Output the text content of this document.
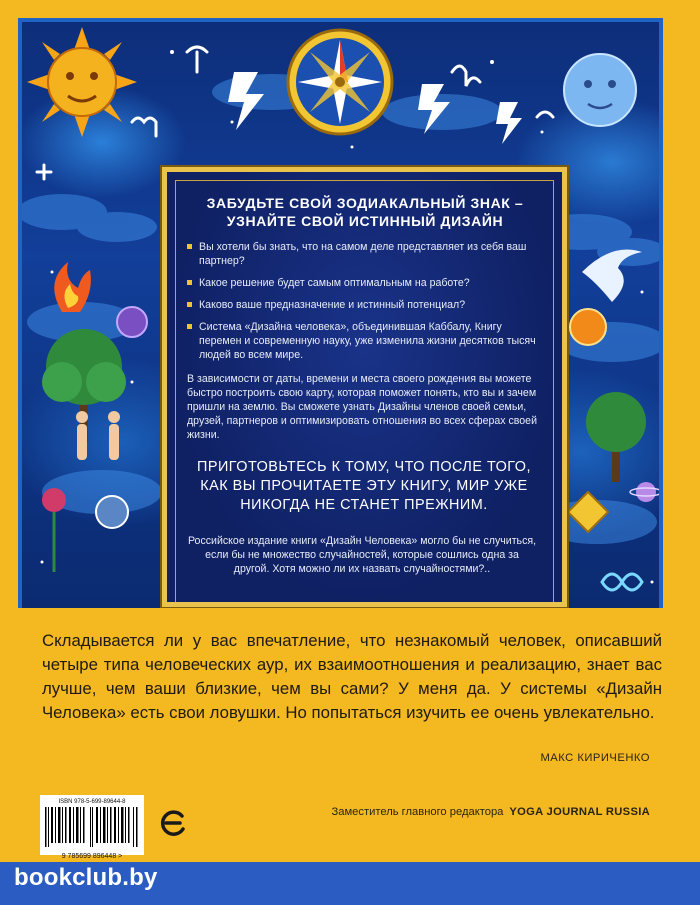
ЗАБУДЬТЕ СВОЙ ЗОДИАКАЛЬНЫЙ ЗНАК –
УЗНАЙТЕ СВОЙ ИСТИННЫЙ ДИЗАЙН
Вы хотели бы знать, что на самом деле представляет из себя ваш партнер?
Какое решение будет самым оптимальным на работе?
Каково ваше предназначение и истинный потенциал?
Система «Дизайна человека», объединившая Каббалу, Книгу перемен и современную науку, уже изменила жизни десятков тысяч людей во всем мире.
В зависимости от даты, времени и места своего рождения вы можете быстро построить свою карту, которая поможет понять, кто вы и зачем пришли на землю. Вы сможете узнать Дизайны членов своей семьи, друзей, партнеров и оптимизировать отношения во всех сферах своей жизни.
ПРИГОТОВЬТЕСЬ К ТОМУ, ЧТО ПОСЛЕ ТОГО,
КАК ВЫ ПРОЧИТАЕТЕ ЭТУ КНИГУ, МИР УЖЕ
НИКОГДА НЕ СТАНЕТ ПРЕЖНИМ.
Российское издание книги «Дизайн Человека» могло бы не случиться, если бы не множество случайностей, которые сошлись одна за другой. Хотя можно ли их назвать случайностями?..
Складывается ли у вас впечатление, что незнакомый человек, описавший четыре типа человеческих аур, их взаимоотношения и реализацию, знает вас лучше, чем ваши близкие, чем вы сами? У меня да. У системы «Дизайн Человека» есть свои ловушки. Но попытаться изучить ее очень увлекательно.
МАКС КИРИЧЕНКО
Заместитель главного редактора YOGA JOURNAL RUSSIA
ISBN 978-5-699-89644-8
9 785699 896448 >
bookclub.by
